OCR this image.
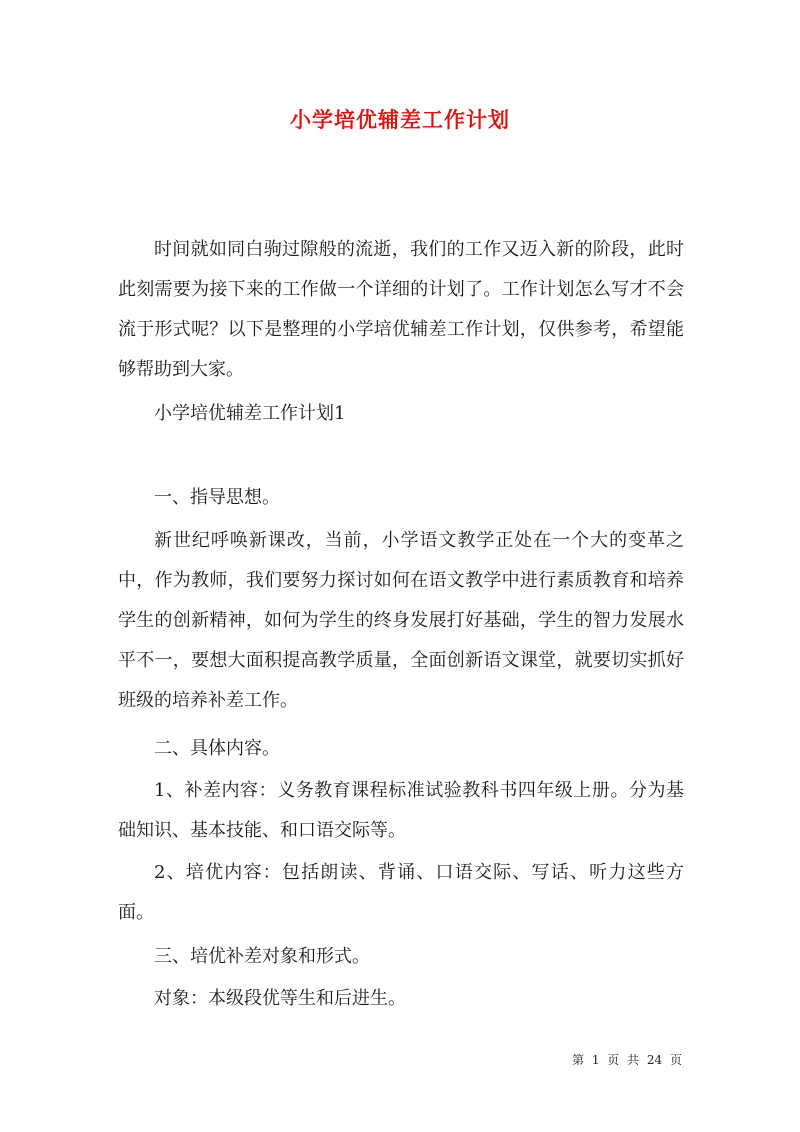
小学培优辅差工作计划

时间就如同白驹过隙般的流逝，我们的工作又迈入新的阶段，此时此刻需要为接下来的工作做一个详细的计划了。工作计划怎么写才不会流于形式呢？以下是整理的小学培优辅差工作计划，仅供参考，希望能够帮助到大家。

小学培优辅差工作计划1

一、指导思想。

新世纪呼唤新课改，当前，小学语文教学正处在一个大的变革之中，作为教师，我们要努力探讨如何在语文教学中进行素质教育和培养学生的创新精神，如何为学生的终身发展打好基础，学生的智力发展水平不一，要想大面积提高教学质量，全面创新语文课堂，就要切实抓好班级的培养补差工作。

二、具体内容。

1、补差内容：义务教育课程标准试验教科书四年级上册。分为基础知识、基本技能、和口语交际等。

2、培优内容：包括朗读、背诵、口语交际、写话、听力这些方面。

三、培优补差对象和形式。

对象：本级段优等生和后进生。

第 1 页 共 24 页
